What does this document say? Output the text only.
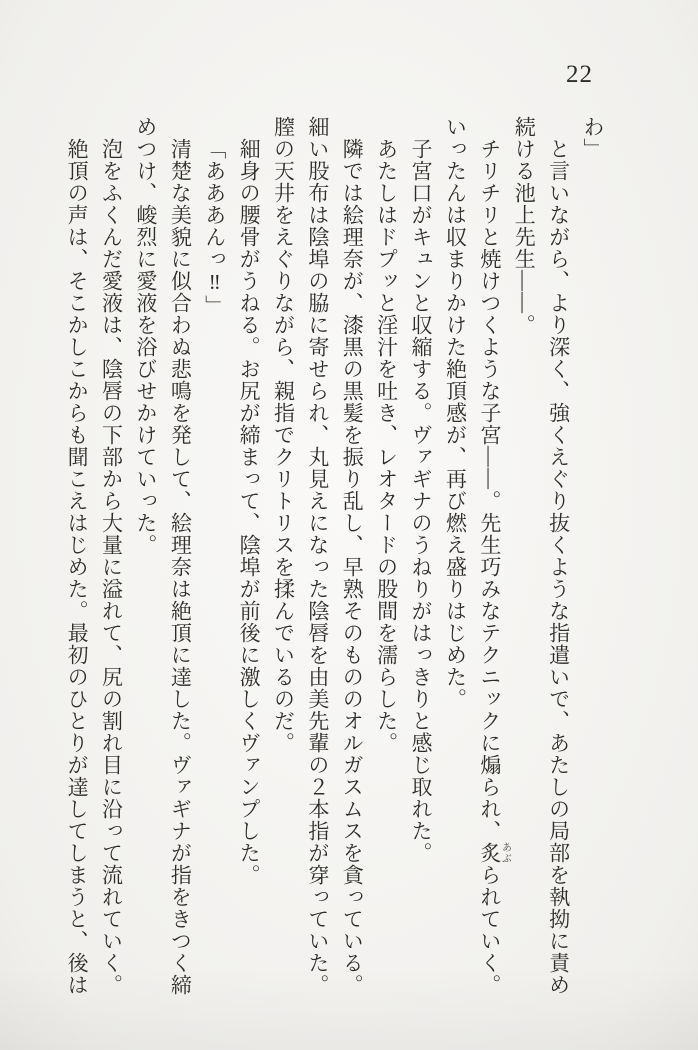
22
わ」
と言いながら、より深く、強くえぐり抜くような指遣いで、あたしの局部を執拗に責め
続ける池上先生――。
チリチリと焼けつくような子宮――。先生巧みなテクニックに煽られ、炙られていく。
あぶ
いったんは収まりかけた絶頂感が、再び燃え盛りはじめた。
子宮口がキュンと収縮する。ヴァギナのうねりがはっきりと感じ取れた。
あたしはドプッと淫汁を吐き、レオタードの股間を濡らした。
隣では絵理奈が、漆黒の黒髪を振り乱し、早熟そのもののオルガスムスを貪っている。
細い股布は陰埠の脇に寄せられ、丸見えになった陰唇を由美先輩の２本指が穿っていた。
膣の天井をえぐりながら、親指でクリトリスを揉んでいるのだ。
細身の腰骨がうねる。お尻が締まって、陰埠が前後に激しくヴァンプした。
「あああんっ‼」
清楚な美貌に似合わぬ悲鳴を発して、絵理奈は絶頂に達した。ヴァギナが指をきつく締
めつけ、峻烈に愛液を浴びせかけていった。
泡をふくんだ愛液は、陰唇の下部から大量に溢れて、尻の割れ目に沿って流れていく。
絶頂の声は、そこかしこからも聞こえはじめた。最初のひとりが達してしまうと、後は
